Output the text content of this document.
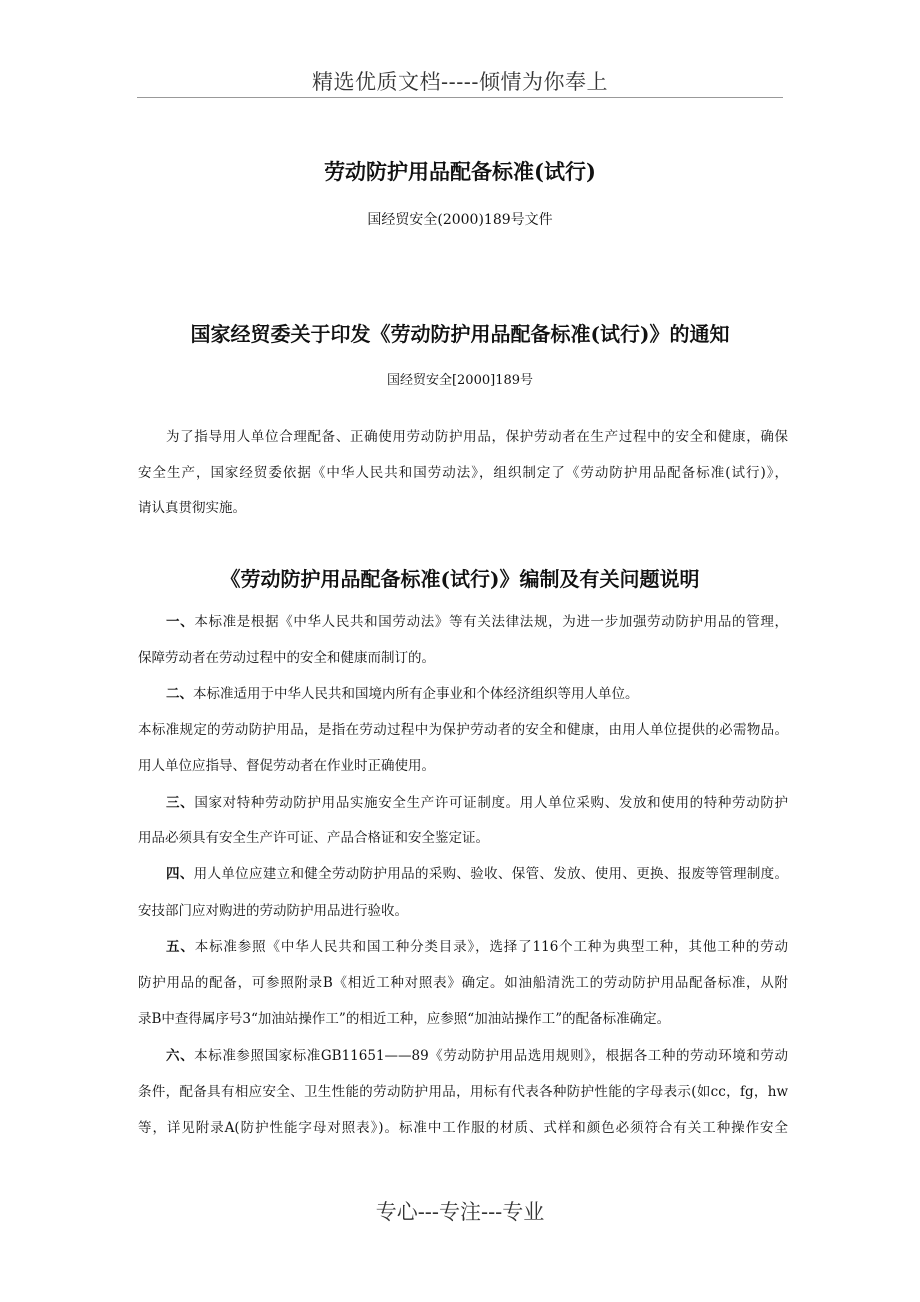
精选优质文档-----倾情为你奉上
劳动防护用品配备标准(试行)
国经贸安全(2000)189号文件
国家经贸委关于印发《劳动防护用品配备标准(试行)》的通知
国经贸安全[2000]189号
为了指导用人单位合理配备、正确使用劳动防护用品，保护劳动者在生产过程中的安全和健康，确保
安全生产，国家经贸委依据《中华人民共和国劳动法》，组织制定了《劳动防护用品配备标准(试行)》，
请认真贯彻实施。
《劳动防护用品配备标准(试行)》编制及有关问题说明
一、本标准是根据《中华人民共和国劳动法》等有关法律法规，为进一步加强劳动防护用品的管理，
保障劳动者在劳动过程中的安全和健康而制订的。
二、本标准适用于中华人民共和国境内所有企事业和个体经济组织等用人单位。
本标准规定的劳动防护用品，是指在劳动过程中为保护劳动者的安全和健康，由用人单位提供的必需物品。
用人单位应指导、督促劳动者在作业时正确使用。
三、国家对特种劳动防护用品实施安全生产许可证制度。用人单位采购、发放和使用的特种劳动防护
用品必须具有安全生产许可证、产品合格证和安全鉴定证。
四、用人单位应建立和健全劳动防护用品的采购、验收、保管、发放、使用、更换、报废等管理制度。
安技部门应对购进的劳动防护用品进行验收。
五、本标准参照《中华人民共和国工种分类目录》，选择了116个工种为典型工种，其他工种的劳动
防护用品的配备，可参照附录B《相近工种对照表》确定。如油船清洗工的劳动防护用品配备标准，从附
录B中查得属序号3“加油站操作工”的相近工种，应参照“加油站操作工”的配备标准确定。
六、本标准参照国家标准GB11651——89《劳动防护用品选用规则》，根据各工种的劳动环境和劳动
条件，配备具有相应安全、卫生性能的劳动防护用品，用标有代表各种防护性能的字母表示(如cc，fg，hw
等，详见附录A(防护性能字母对照表》)。标准中工作服的材质、式样和颜色必须符合有关工种操作安全
专心---专注---专业
